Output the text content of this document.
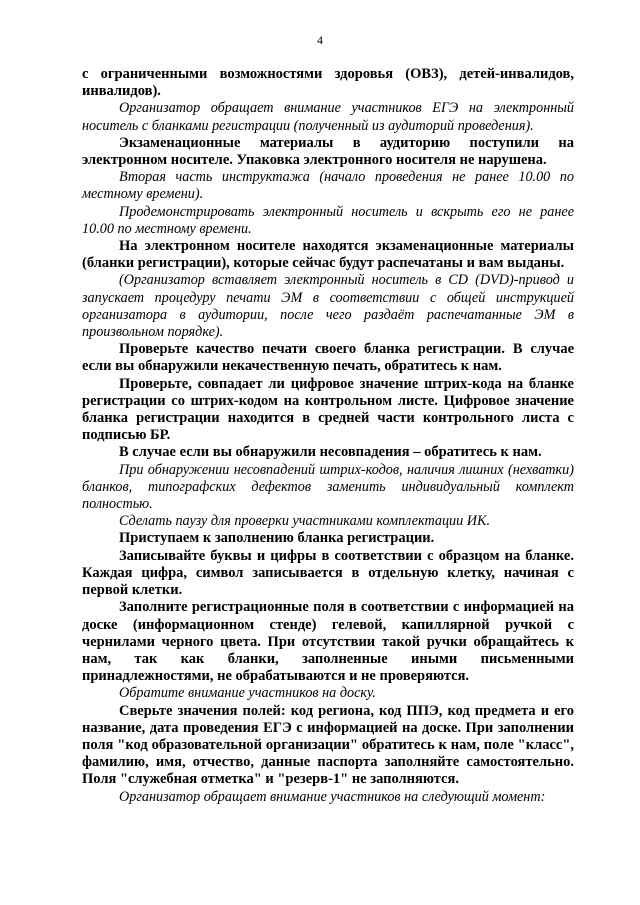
4

с ограниченными возможностями здоровья (ОВЗ), детей-инвалидов, инвалидов).

Организатор обращает внимание участников ЕГЭ на электронный носитель с бланками регистрации (полученный из аудиторий проведения).

Экзаменационные материалы в аудиторию поступили на электронном носителе. Упаковка электронного носителя не нарушена.

Вторая часть инструктажа (начало проведения не ранее 10.00 по местному времени).

Продемонстрировать электронный носитель и вскрыть его не ранее 10.00 по местному времени.

На электронном носителе находятся экзаменационные материалы (бланки регистрации), которые сейчас будут распечатаны и вам выданы.

(Организатор вставляет электронный носитель в CD (DVD)-привод и запускает процедуру печати ЭМ в соответствии с общей инструкцией организатора в аудитории, после чего раздаёт распечатанные ЭМ в произвольном порядке).

Проверьте качество печати своего бланка регистрации. В случае если вы обнаружили некачественную печать, обратитесь к нам.

Проверьте, совпадает ли цифровое значение штрих-кода на бланке регистрации со штрих-кодом на контрольном листе. Цифровое значение бланка регистрации находится в средней части контрольного листа с подписью БР.

В случае если вы обнаружили несовпадения – обратитесь к нам.

При обнаружении несовпадений штрих-кодов, наличия лишних (нехватки) бланков, типографских дефектов заменить индивидуальный комплект полностью.

Сделать паузу для проверки участниками комплектации ИК.

Приступаем к заполнению бланка регистрации.

Записывайте буквы и цифры в соответствии с образцом на бланке. Каждая цифра, символ записывается в отдельную клетку, начиная с первой клетки.

Заполните регистрационные поля в соответствии с информацией на доске (информационном стенде) гелевой, капиллярной ручкой с чернилами черного цвета. При отсутствии такой ручки обращайтесь к нам, так как бланки, заполненные иными письменными принадлежностями, не обрабатываются и не проверяются.

Обратите внимание участников на доску.

Сверьте значения полей: код региона, код ППЭ, код предмета и его название, дата проведения ЕГЭ с информацией на доске. При заполнении поля "код образовательной организации" обратитесь к нам, поле "класс", фамилию, имя, отчество, данные паспорта заполняйте самостоятельно. Поля "служебная отметка" и "резерв-1" не заполняются.

Организатор обращает внимание участников на следующий момент:
